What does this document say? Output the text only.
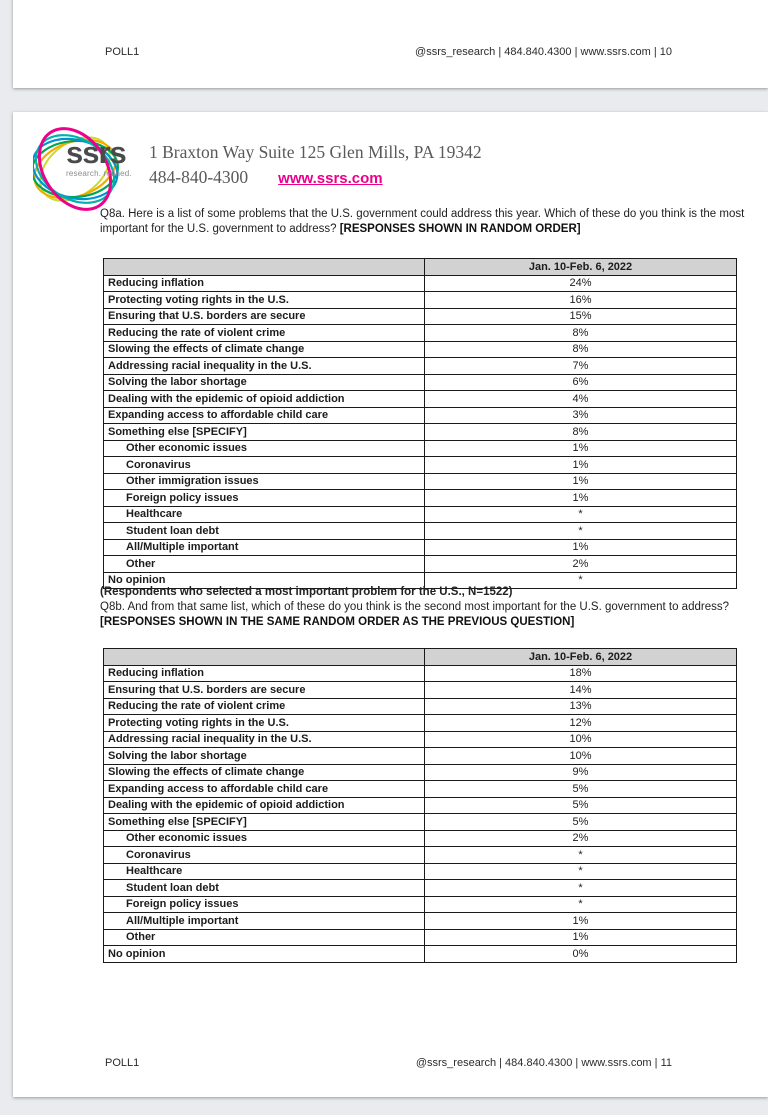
POLL1	@ssrs_research | 484.840.4300 | www.ssrs.com | 10
ssrs
research. refined.
1 Braxton Way Suite 125 Glen Mills, PA 19342
484-840-4300 www.ssrs.com
Q8a. Here is a list of some problems that the U.S. government could address this year. Which of these do you think is the most important for the U.S. government to address? [RESPONSES SHOWN IN RANDOM ORDER]
	Jan. 10-Feb. 6, 2022
Reducing inflation	24%
Protecting voting rights in the U.S.	16%
Ensuring that U.S. borders are secure	15%
Reducing the rate of violent crime	8%
Slowing the effects of climate change	8%
Addressing racial inequality in the U.S.	7%
Solving the labor shortage	6%
Dealing with the epidemic of opioid addiction	4%
Expanding access to affordable child care	3%
Something else [SPECIFY]	8%
Other economic issues	1%
Coronavirus	1%
Other immigration issues	1%
Foreign policy issues	1%
Healthcare	*
Student loan debt	*
All/Multiple important	1%
Other	2%
No opinion	*
(Respondents who selected a most important problem for the U.S., N=1522)
Q8b. And from that same list, which of these do you think is the second most important for the U.S. government to address? [RESPONSES SHOWN IN THE SAME RANDOM ORDER AS THE PREVIOUS QUESTION]
	Jan. 10-Feb. 6, 2022
Reducing inflation	18%
Ensuring that U.S. borders are secure	14%
Reducing the rate of violent crime	13%
Protecting voting rights in the U.S.	12%
Addressing racial inequality in the U.S.	10%
Solving the labor shortage	10%
Slowing the effects of climate change	9%
Expanding access to affordable child care	5%
Dealing with the epidemic of opioid addiction	5%
Something else [SPECIFY]	5%
Other economic issues	2%
Coronavirus	*
Healthcare	*
Student loan debt	*
Foreign policy issues	*
All/Multiple important	1%
Other	1%
No opinion	0%
POLL1	@ssrs_research | 484.840.4300 | www.ssrs.com | 11
